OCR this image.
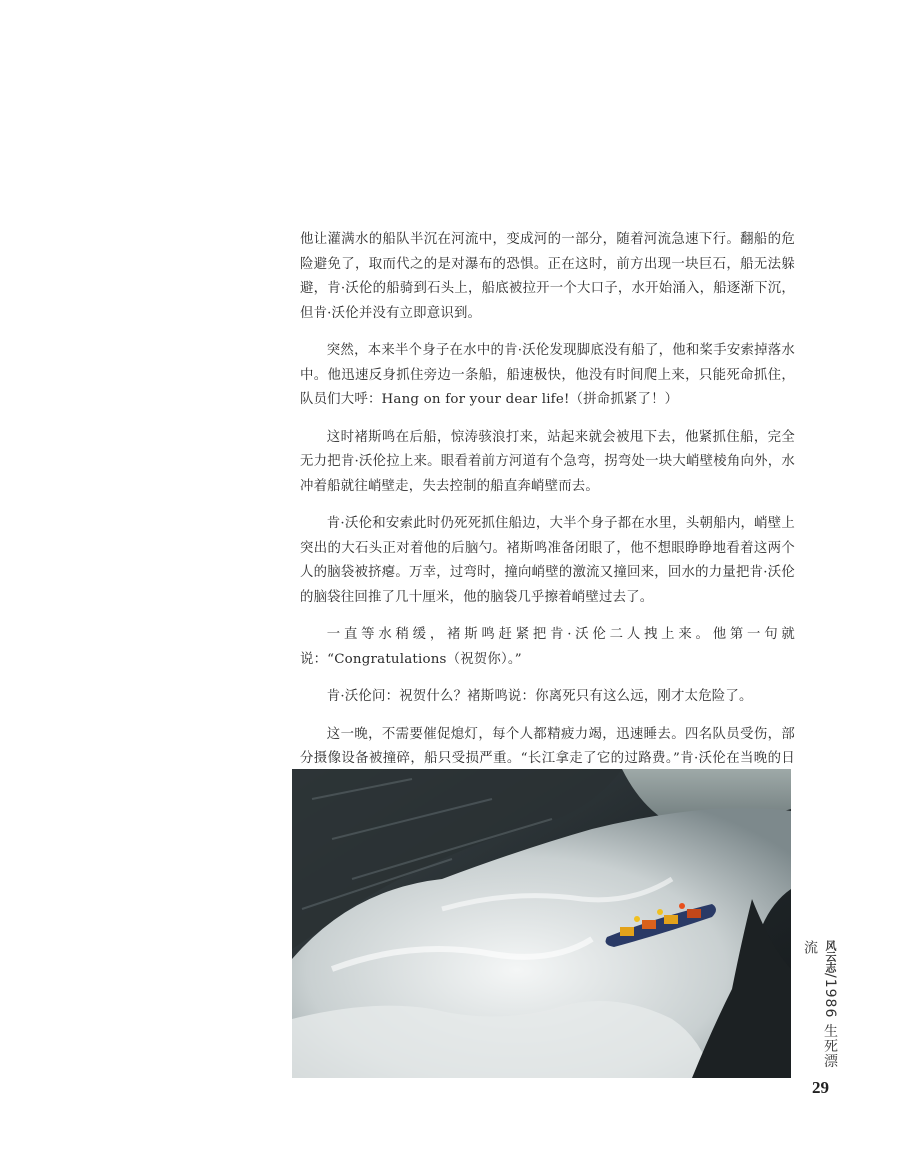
他让灌满水的船队半沉在河流中，变成河的一部分，随着河流急速下行。翻船的危险避免了，取而代之的是对瀑布的恐惧。正在这时，前方出现一块巨石，船无法躲避，肯·沃伦的船骑到石头上，船底被拉开一个大口子，水开始涌入，船逐渐下沉，但肯·沃伦并没有立即意识到。

突然，本来半个身子在水中的肯·沃伦发现脚底没有船了，他和桨手安索掉落水中。他迅速反身抓住旁边一条船，船速极快，他没有时间爬上来，只能死命抓住，队员们大呼：Hang on for your dear life!（拼命抓紧了！）

这时褚斯鸣在后船，惊涛骇浪打来，站起来就会被甩下去，他紧抓住船，完全无力把肯·沃伦拉上来。眼看着前方河道有个急弯，拐弯处一块大峭壁棱角向外，水冲着船就往峭壁走，失去控制的船直奔峭壁而去。

肯·沃伦和安索此时仍死死抓住船边，大半个身子都在水里，头朝船内，峭壁上突出的大石头正对着他的后脑勺。褚斯鸣准备闭眼了，他不想眼睁睁地看着这两个人的脑袋被挤瘪。万幸，过弯时，撞向峭壁的激流又撞回来，回水的力量把肯·沃伦的脑袋往回推了几十厘米，他的脑袋几乎擦着峭壁过去了。

一直等水稍缓，褚斯鸣赶紧把肯·沃伦二人拽上来。他第一句就说：“Congratulations（祝贺你）。”

肯·沃伦问：祝贺什么？褚斯鸣说：你离死只有这么远，刚才太危险了。

这一晚，不需要催促熄灯，每个人都精疲力竭，迅速睡去。四名队员受伤，部分摄像设备被撞碎，船只受损严重。“长江拿走了它的过路费。”肯·沃伦在当晚的日

风云志/1986 生死漂流
29
